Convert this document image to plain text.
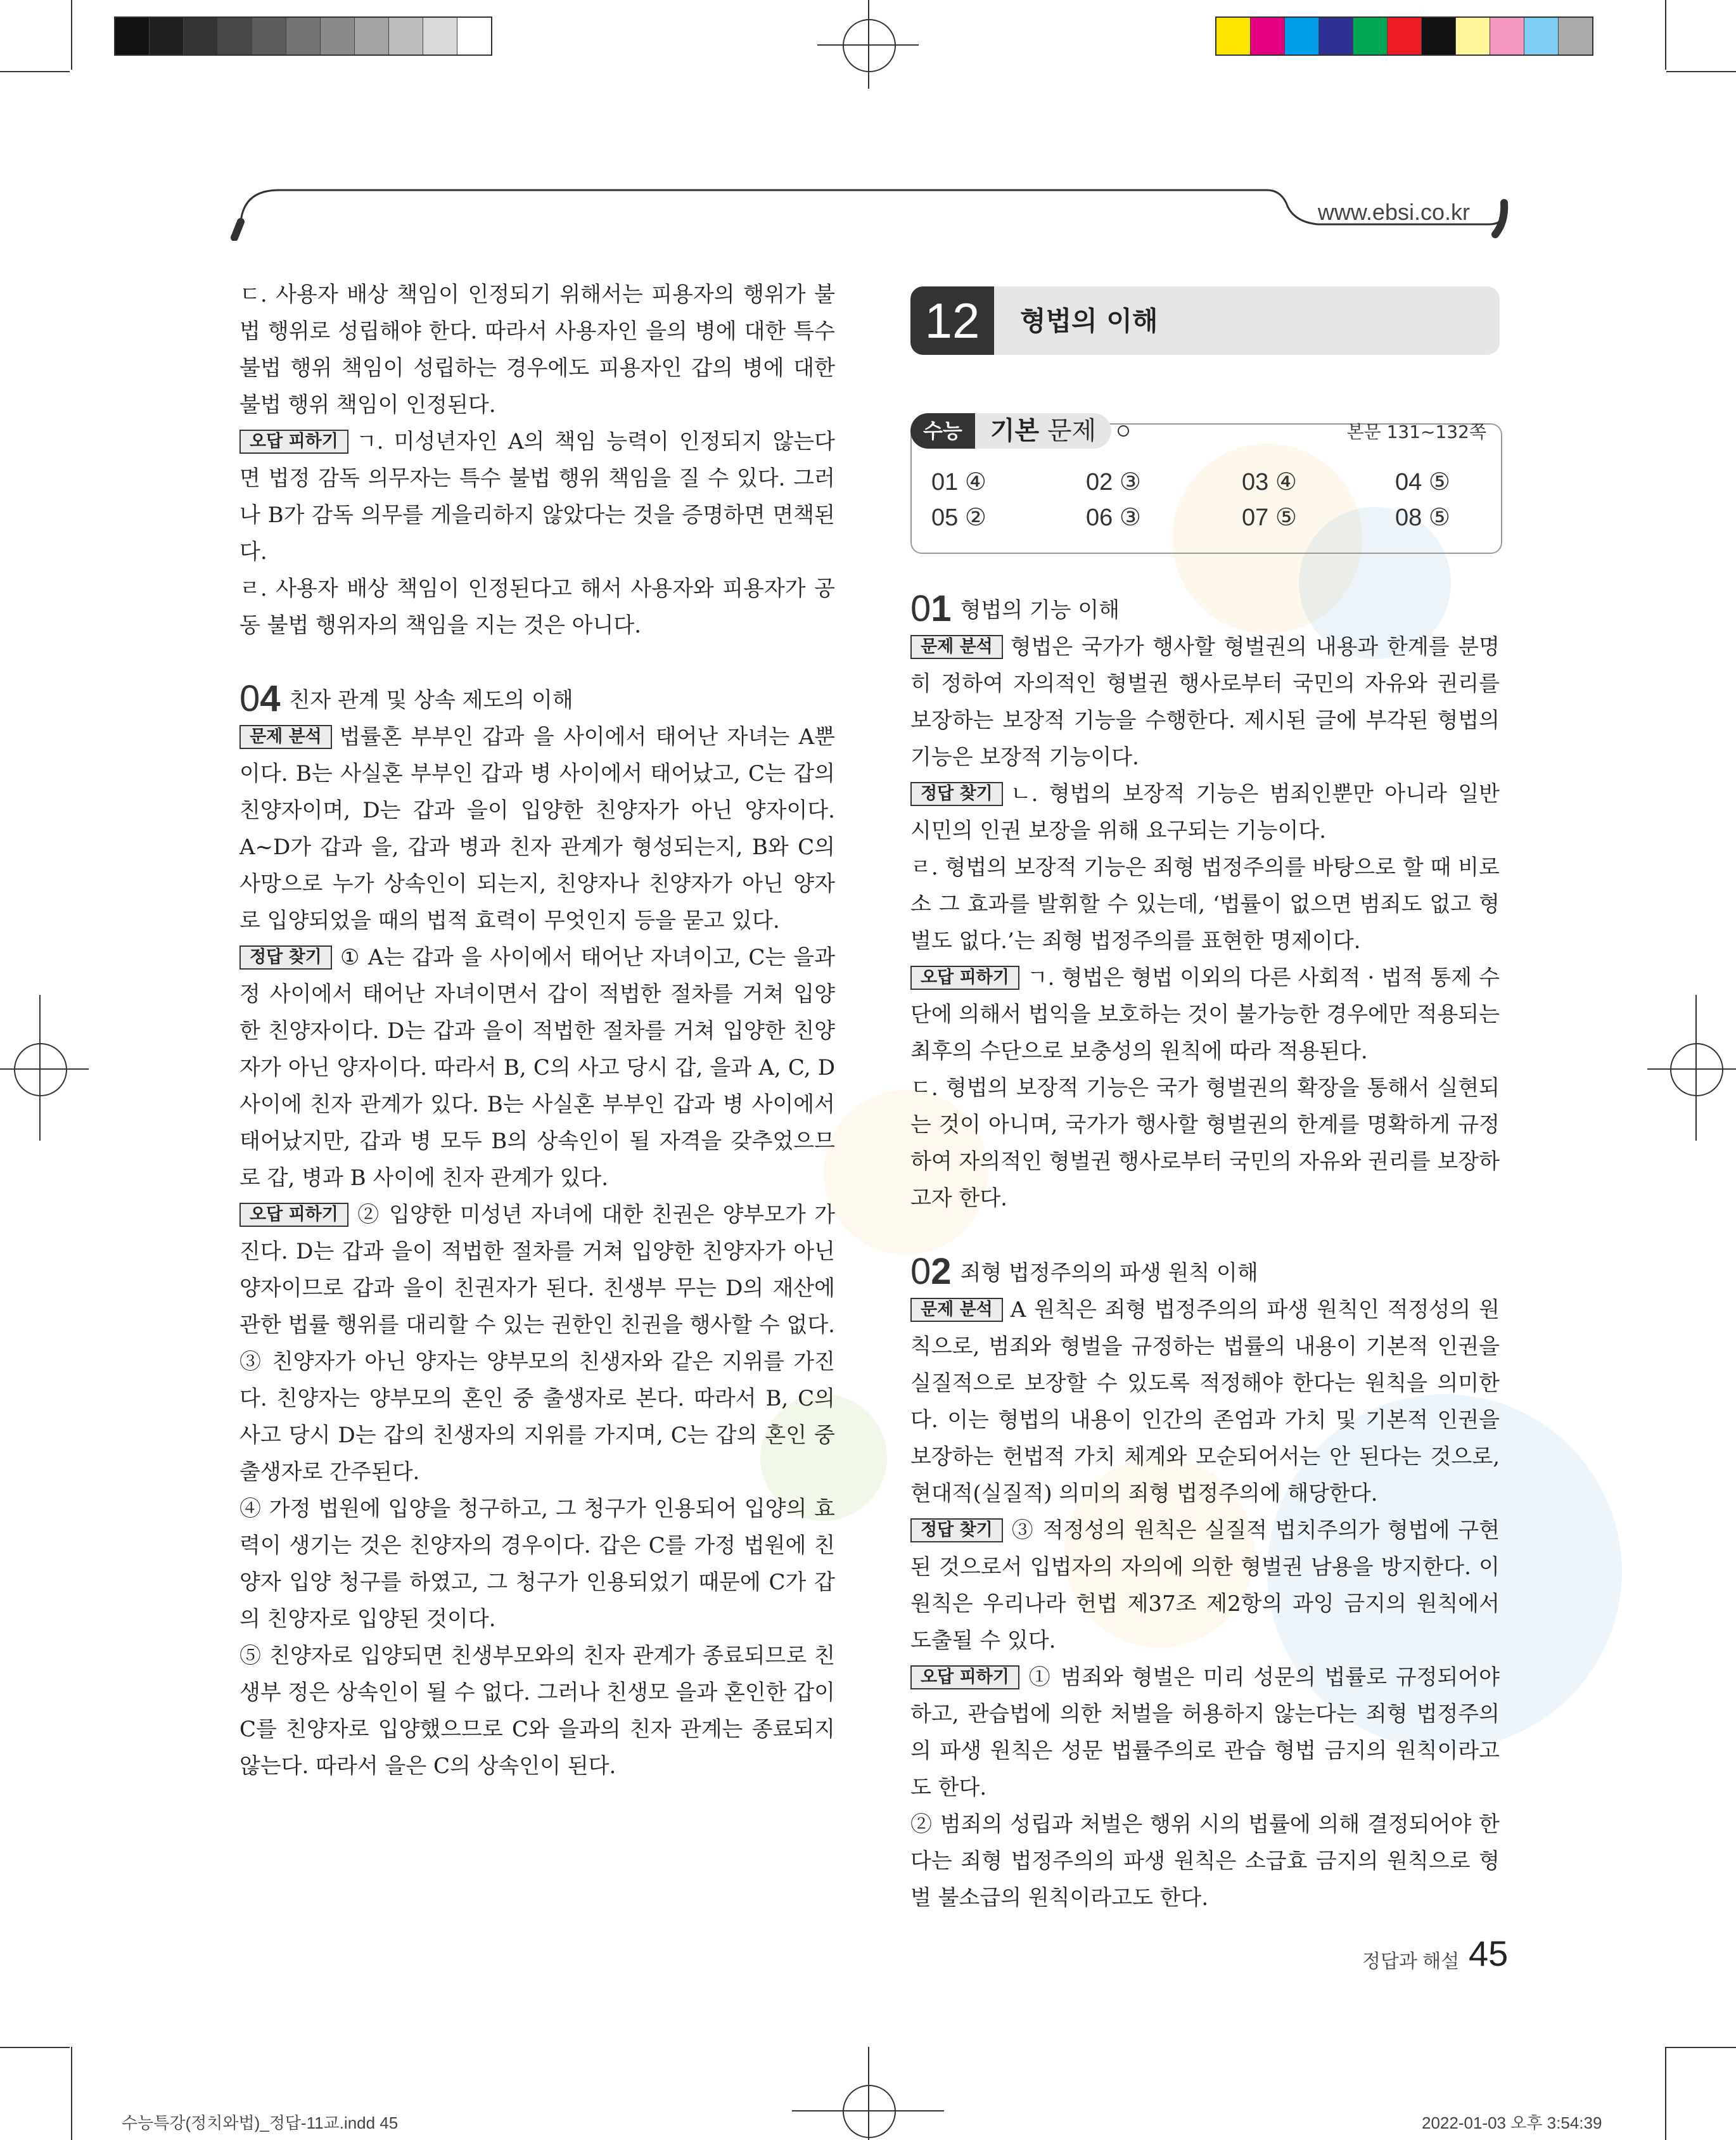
www.ebsi.co.kr

ㄷ. 사용자 배상 책임이 인정되기 위해서는 피용자의 행위가 불법 행위로 성립해야 한다. 따라서 사용자인 을의 병에 대한 특수 불법 행위 책임이 성립하는 경우에도 피용자인 갑의 병에 대한 불법 행위 책임이 인정된다.

오답 피하기 ㄱ. 미성년자인 A의 책임 능력이 인정되지 않는다면 법정 감독 의무자는 특수 불법 행위 책임을 질 수 있다. 그러나 B가 감독 의무를 게을리하지 않았다는 것을 증명하면 면책된다.

ㄹ. 사용자 배상 책임이 인정된다고 해서 사용자와 피용자가 공동 불법 행위자의 책임을 지는 것은 아니다.

04 친자 관계 및 상속 제도의 이해

문제 분석 법률혼 부부인 갑과 을 사이에서 태어난 자녀는 A뿐이다. B는 사실혼 부부인 갑과 병 사이에서 태어났고, C는 갑의 친양자이며, D는 갑과 을이 입양한 친양자가 아닌 양자이다. A~D가 갑과 을, 갑과 병과 친자 관계가 형성되는지, B와 C의 사망으로 누가 상속인이 되는지, 친양자나 친양자가 아닌 양자로 입양되었을 때의 법적 효력이 무엇인지 등을 묻고 있다.

정답 찾기 ① A는 갑과 을 사이에서 태어난 자녀이고, C는 을과 정 사이에서 태어난 자녀이면서 갑이 적법한 절차를 거쳐 입양한 친양자이다. D는 갑과 을이 적법한 절차를 거쳐 입양한 친양자가 아닌 양자이다. 따라서 B, C의 사고 당시 갑, 을과 A, C, D 사이에 친자 관계가 있다. B는 사실혼 부부인 갑과 병 사이에서 태어났지만, 갑과 병 모두 B의 상속인이 될 자격을 갖추었으므로 갑, 병과 B 사이에 친자 관계가 있다.

오답 피하기 ② 입양한 미성년 자녀에 대한 친권은 양부모가 가진다. D는 갑과 을이 적법한 절차를 거쳐 입양한 친양자가 아닌 양자이므로 갑과 을이 친권자가 된다. 친생부 무는 D의 재산에 관한 법률 행위를 대리할 수 있는 권한인 친권을 행사할 수 없다.

③ 친양자가 아닌 양자는 양부모의 친생자와 같은 지위를 가진다. 친양자는 양부모의 혼인 중 출생자로 본다. 따라서 B, C의 사고 당시 D는 갑의 친생자의 지위를 가지며, C는 갑의 혼인 중 출생자로 간주된다.

④ 가정 법원에 입양을 청구하고, 그 청구가 인용되어 입양의 효력이 생기는 것은 친양자의 경우이다. 갑은 C를 가정 법원에 친양자 입양 청구를 하였고, 그 청구가 인용되었기 때문에 C가 갑의 친양자로 입양된 것이다.

⑤ 친양자로 입양되면 친생부모와의 친자 관계가 종료되므로 친생부 정은 상속인이 될 수 없다. 그러나 친생모 을과 혼인한 갑이 C를 친양자로 입양했으므로 C와 을과의 친자 관계는 종료되지 않는다. 따라서 을은 C의 상속인이 된다.

12	형법의 이해
수능	기본 문제	본문 131~132쪽
01 ④	02 ③	03 ④	04 ⑤
05 ②	06 ③	07 ⑤	08 ⑤

01 형법의 기능 이해

문제 분석 형법은 국가가 행사할 형벌권의 내용과 한계를 분명히 정하여 자의적인 형벌권 행사로부터 국민의 자유와 권리를 보장하는 보장적 기능을 수행한다. 제시된 글에 부각된 형법의 기능은 보장적 기능이다.

정답 찾기 ㄴ. 형법의 보장적 기능은 범죄인뿐만 아니라 일반 시민의 인권 보장을 위해 요구되는 기능이다.

ㄹ. 형법의 보장적 기능은 죄형 법정주의를 바탕으로 할 때 비로소 그 효과를 발휘할 수 있는데, ‘법률이 없으면 범죄도 없고 형벌도 없다.’는 죄형 법정주의를 표현한 명제이다.

오답 피하기 ㄱ. 형법은 형법 이외의 다른 사회적 · 법적 통제 수단에 의해서 법익을 보호하는 것이 불가능한 경우에만 적용되는 최후의 수단으로 보충성의 원칙에 따라 적용된다.

ㄷ. 형법의 보장적 기능은 국가 형벌권의 확장을 통해서 실현되는 것이 아니며, 국가가 행사할 형벌권의 한계를 명확하게 규정하여 자의적인 형벌권 행사로부터 국민의 자유와 권리를 보장하고자 한다.

02 죄형 법정주의의 파생 원칙 이해

문제 분석 A 원칙은 죄형 법정주의의 파생 원칙인 적정성의 원칙으로, 범죄와 형벌을 규정하는 법률의 내용이 기본적 인권을 실질적으로 보장할 수 있도록 적정해야 한다는 원칙을 의미한다. 이는 형법의 내용이 인간의 존엄과 가치 및 기본적 인권을 보장하는 헌법적 가치 체계와 모순되어서는 안 된다는 것으로, 현대적(실질적) 의미의 죄형 법정주의에 해당한다.

정답 찾기 ③ 적정성의 원칙은 실질적 법치주의가 형법에 구현된 것으로서 입법자의 자의에 의한 형벌권 남용을 방지한다. 이 원칙은 우리나라 헌법 제37조 제2항의 과잉 금지의 원칙에서 도출될 수 있다.

오답 피하기 ① 범죄와 형벌은 미리 성문의 법률로 규정되어야 하고, 관습법에 의한 처벌을 허용하지 않는다는 죄형 법정주의의 파생 원칙은 성문 법률주의로 관습 형법 금지의 원칙이라고도 한다.

② 범죄의 성립과 처벌은 행위 시의 법률에 의해 결정되어야 한다는 죄형 법정주의의 파생 원칙은 소급효 금지의 원칙으로 형벌 불소급의 원칙이라고도 한다.

정답과 해설 45
수능특강(정치와법)_정답-11교.indd 45	2022-01-03 오후 3:54:39
